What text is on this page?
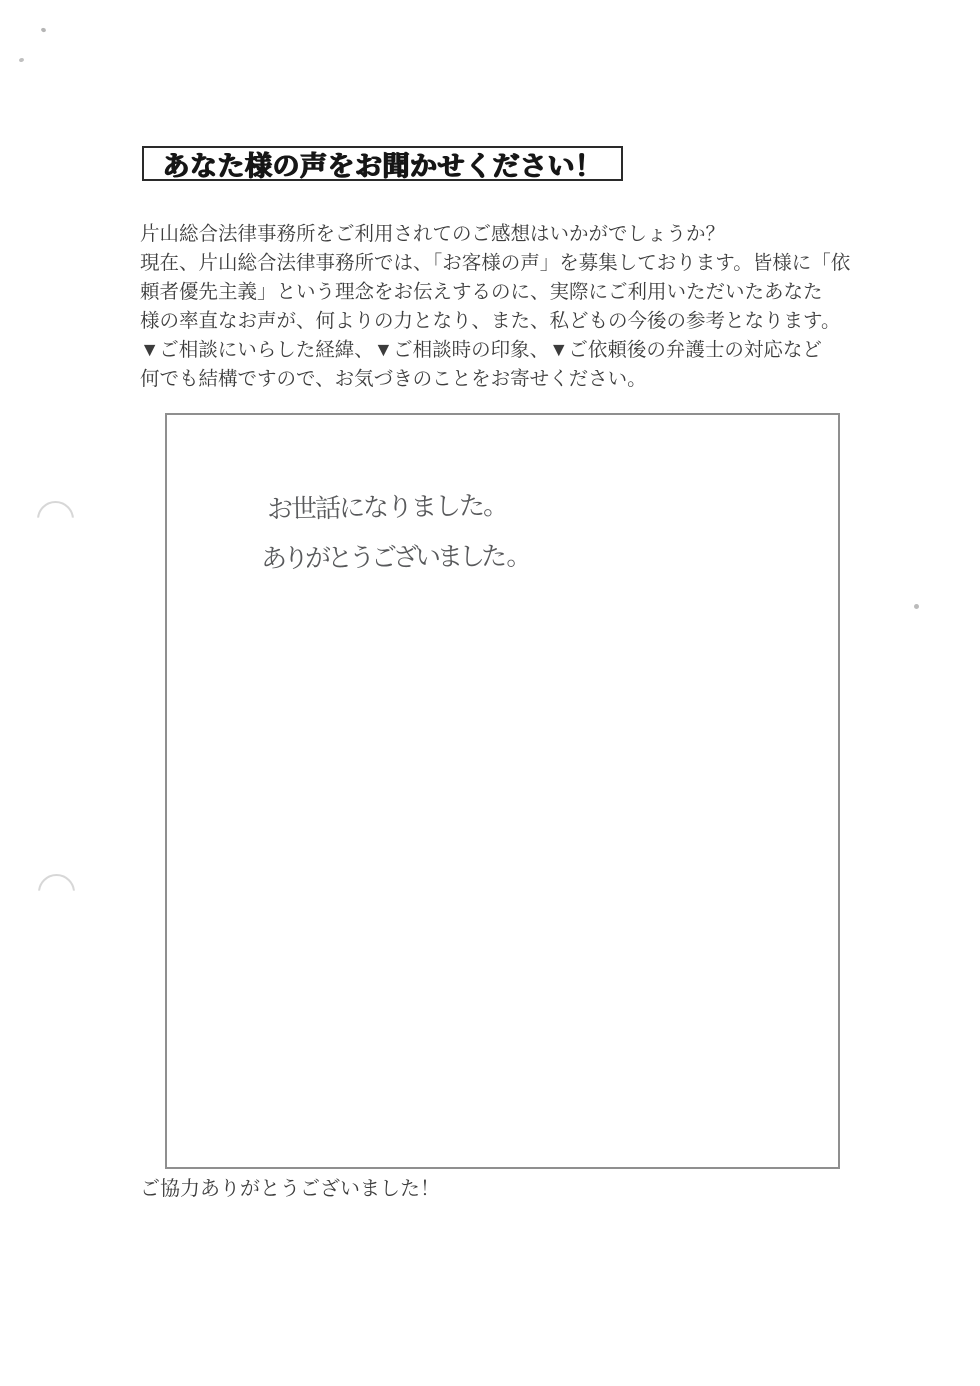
あなた様の声をお聞かせください！
片山総合法律事務所をご利用されてのご感想はいかがでしょうか？
現在、片山総合法律事務所では、「お客様の声」を募集しております。皆様に「依
頼者優先主義」という理念をお伝えするのに、実際にご利用いただいたあなた
様の率直なお声が、何よりの力となり、また、私どもの今後の参考となります。
▼ご相談にいらした経緯、▼ご相談時の印象、▼ご依頼後の弁護士の対応など
何でも結構ですので、お気づきのことをお寄せください。
お世話になりました。
ありがとうございました 。
ご協力ありがとうございました！
